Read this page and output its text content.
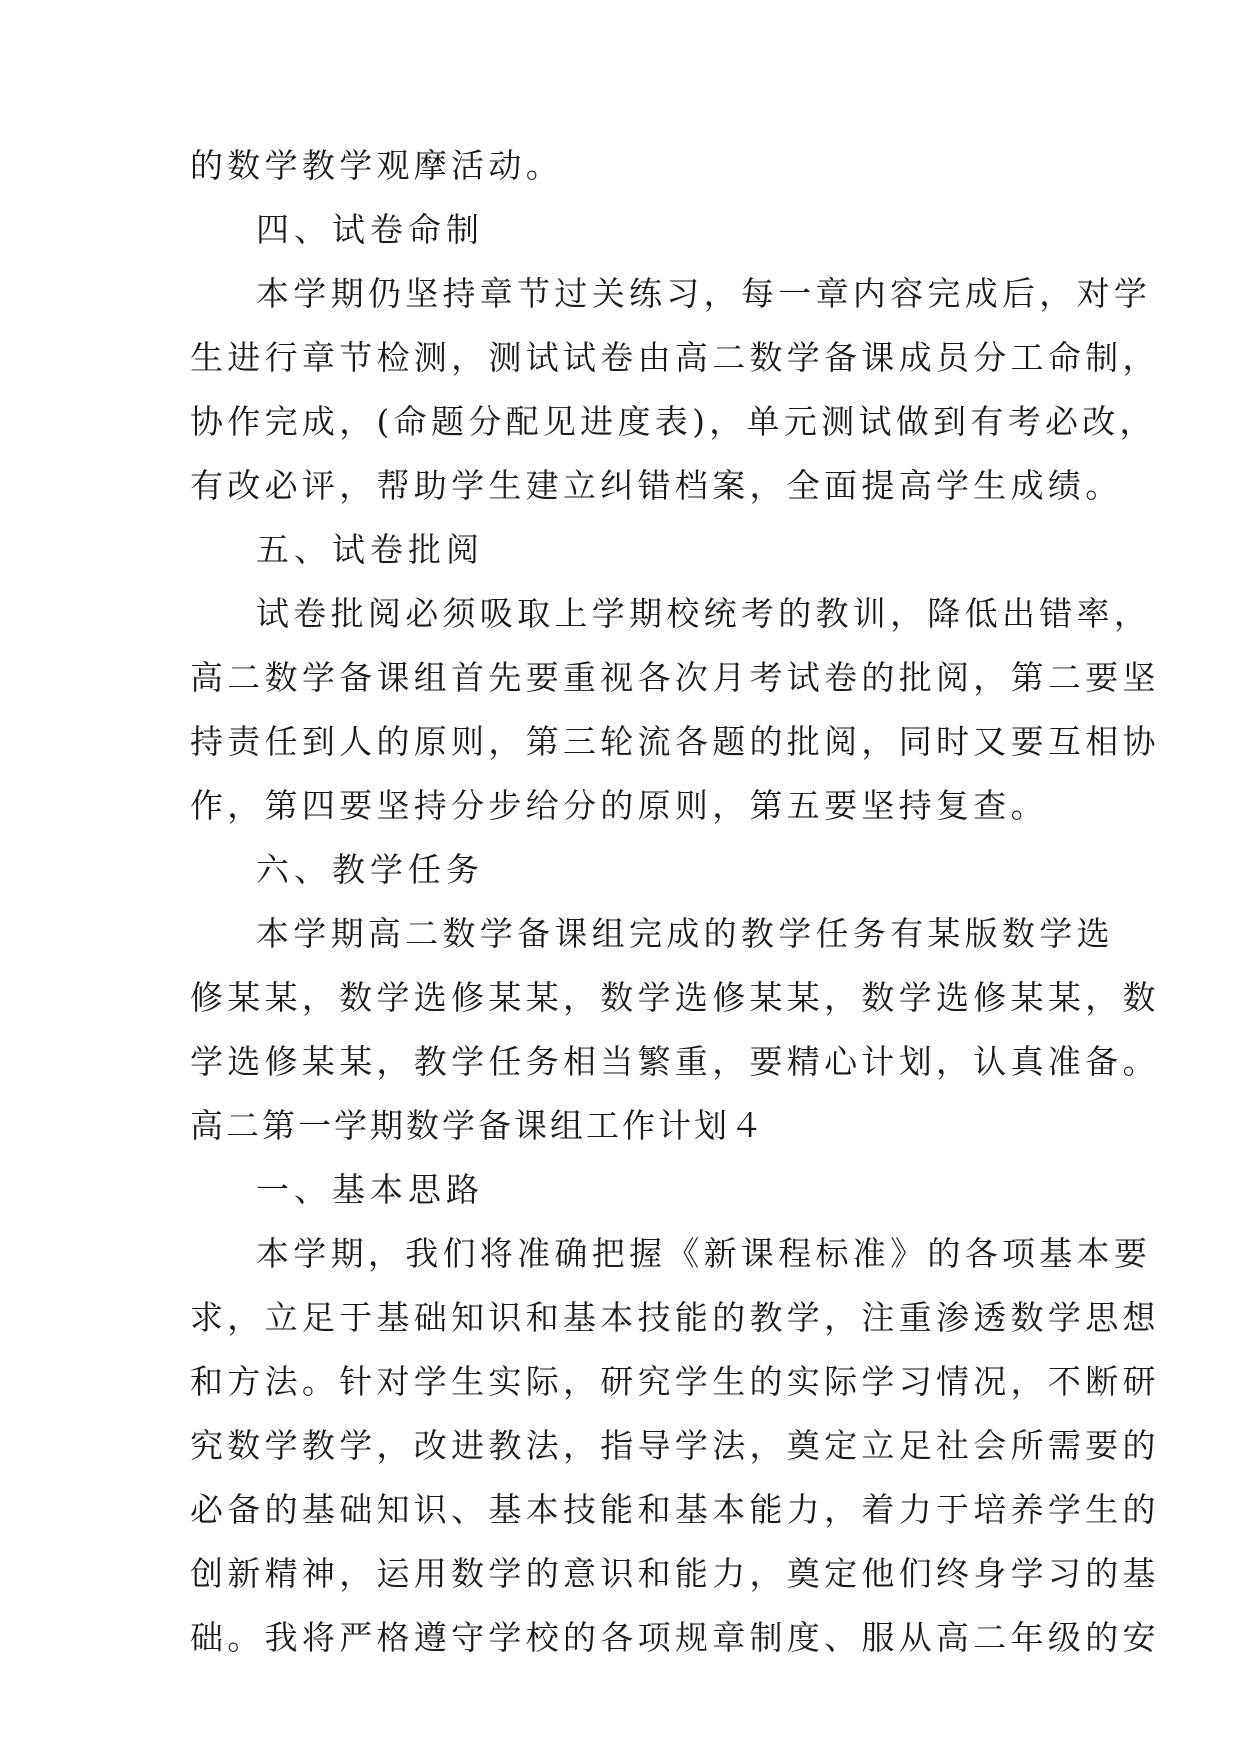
的数学教学观摩活动。
四、试卷命制
本学期仍坚持章节过关练习，每一章内容完成后，对学
生进行章节检测，测试试卷由高二数学备课成员分工命制，
协作完成，(命题分配见进度表)，单元测试做到有考必改，
有改必评，帮助学生建立纠错档案，全面提高学生成绩。
五、试卷批阅
试卷批阅必须吸取上学期校统考的教训，降低出错率，
高二数学备课组首先要重视各次月考试卷的批阅，第二要坚
持责任到人的原则，第三轮流各题的批阅，同时又要互相协
作，第四要坚持分步给分的原则，第五要坚持复查。
六、教学任务
本学期高二数学备课组完成的教学任务有某版数学选
修某某，数学选修某某，数学选修某某，数学选修某某，数
学选修某某，教学任务相当繁重，要精心计划，认真准备。
高二第一学期数学备课组工作计划４
一、基本思路
本学期，我们将准确把握《新课程标准》的各项基本要
求，立足于基础知识和基本技能的教学，注重渗透数学思想
和方法。针对学生实际，研究学生的实际学习情况，不断研
究数学教学，改进教法，指导学法，奠定立足社会所需要的
必备的基础知识、基本技能和基本能力，着力于培养学生的
创新精神，运用数学的意识和能力，奠定他们终身学习的基
础。我将严格遵守学校的各项规章制度、服从高二年级的安
